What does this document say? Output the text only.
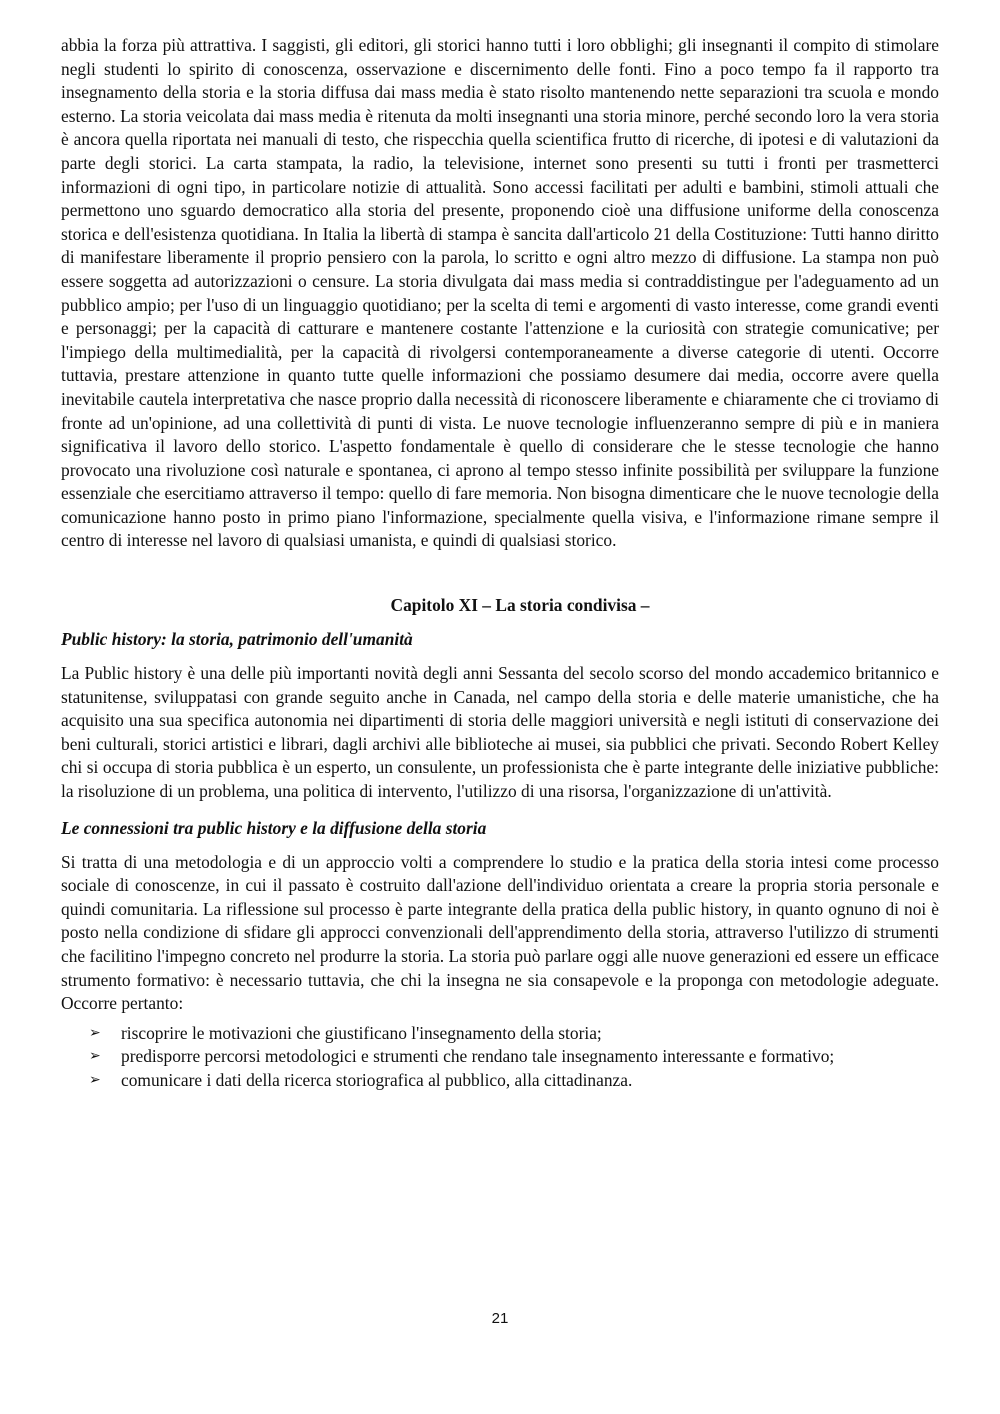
abbia la forza più attrattiva. I saggisti, gli editori, gli storici hanno tutti i loro obblighi; gli insegnanti il compito di stimolare negli studenti lo spirito di conoscenza, osservazione e discernimento delle fonti. Fino a poco tempo fa il rapporto tra insegnamento della storia e la storia diffusa dai mass media è stato risolto mantenendo nette separazioni tra scuola e mondo esterno. La storia veicolata dai mass media è ritenuta da molti insegnanti una storia minore, perché secondo loro la vera storia è ancora quella riportata nei manuali di testo, che rispecchia quella scientifica frutto di ricerche, di ipotesi e di valutazioni da parte degli storici. La carta stampata, la radio, la televisione, internet sono presenti su tutti i fronti per trasmetterci informazioni di ogni tipo, in particolare notizie di attualità. Sono accessi facilitati per adulti e bambini, stimoli attuali che permettono uno sguardo democratico alla storia del presente, proponendo cioè una diffusione uniforme della conoscenza storica e dell'esistenza quotidiana. In Italia la libertà di stampa è sancita dall'articolo 21 della Costituzione: Tutti hanno diritto di manifestare liberamente il proprio pensiero con la parola, lo scritto e ogni altro mezzo di diffusione. La stampa non può essere soggetta ad autorizzazioni o censure. La storia divulgata dai mass media si contraddistingue per l'adeguamento ad un pubblico ampio; per l'uso di un linguaggio quotidiano; per la scelta di temi e argomenti di vasto interesse, come grandi eventi e personaggi; per la capacità di catturare e mantenere costante l'attenzione e la curiosità con strategie comunicative; per l'impiego della multimedialità, per la capacità di rivolgersi contemporaneamente a diverse categorie di utenti. Occorre tuttavia, prestare attenzione in quanto tutte quelle informazioni che possiamo desumere dai media, occorre avere quella inevitabile cautela interpretativa che nasce proprio dalla necessità di riconoscere liberamente e chiaramente che ci troviamo di fronte ad un'opinione, ad una collettività di punti di vista. Le nuove tecnologie influenzeranno sempre di più e in maniera significativa il lavoro dello storico. L'aspetto fondamentale è quello di considerare che le stesse tecnologie che hanno provocato una rivoluzione così naturale e spontanea, ci aprono al tempo stesso infinite possibilità per sviluppare la funzione essenziale che esercitiamo attraverso il tempo: quello di fare memoria. Non bisogna dimenticare che le nuove tecnologie della comunicazione hanno posto in primo piano l'informazione, specialmente quella visiva, e l'informazione rimane sempre il centro di interesse nel lavoro di qualsiasi umanista, e quindi di qualsiasi storico.

Capitolo XI – La storia condivisa –
Public history: la storia, patrimonio dell'umanità

La Public history è una delle più importanti novità degli anni Sessanta del secolo scorso del mondo accademico britannico e statunitense, sviluppatasi con grande seguito anche in Canada, nel campo della storia e delle materie umanistiche, che ha acquisito una sua specifica autonomia nei dipartimenti di storia delle maggiori università e negli istituti di conservazione dei beni culturali, storici artistici e librari, dagli archivi alle biblioteche ai musei, sia pubblici che privati. Secondo Robert Kelley chi si occupa di storia pubblica è un esperto, un consulente, un professionista che è parte integrante delle iniziative pubbliche: la risoluzione di un problema, una politica di intervento, l'utilizzo di una risorsa, l'organizzazione di un'attività.

Le connessioni tra public history e la diffusione della storia

Si tratta di una metodologia e di un approccio volti a comprendere lo studio e la pratica della storia intesi come processo sociale di conoscenze, in cui il passato è costruito dall'azione dell'individuo orientata a creare la propria storia personale e quindi comunitaria. La riflessione sul processo è parte integrante della pratica della public history, in quanto ognuno di noi è posto nella condizione di sfidare gli approcci convenzionali dell'apprendimento della storia, attraverso l'utilizzo di strumenti che facilitino l'impegno concreto nel produrre la storia. La storia può parlare oggi alle nuove generazioni ed essere un efficace strumento formativo: è necessario tuttavia, che chi la insegna ne sia consapevole e la proponga con metodologie adeguate. Occorre pertanto:

➢ riscoprire le motivazioni che giustificano l'insegnamento della storia;
➢ predisporre percorsi metodologici e strumenti che rendano tale insegnamento interessante e formativo;
➢ comunicare i dati della ricerca storiografica al pubblico, alla cittadinanza.
21
